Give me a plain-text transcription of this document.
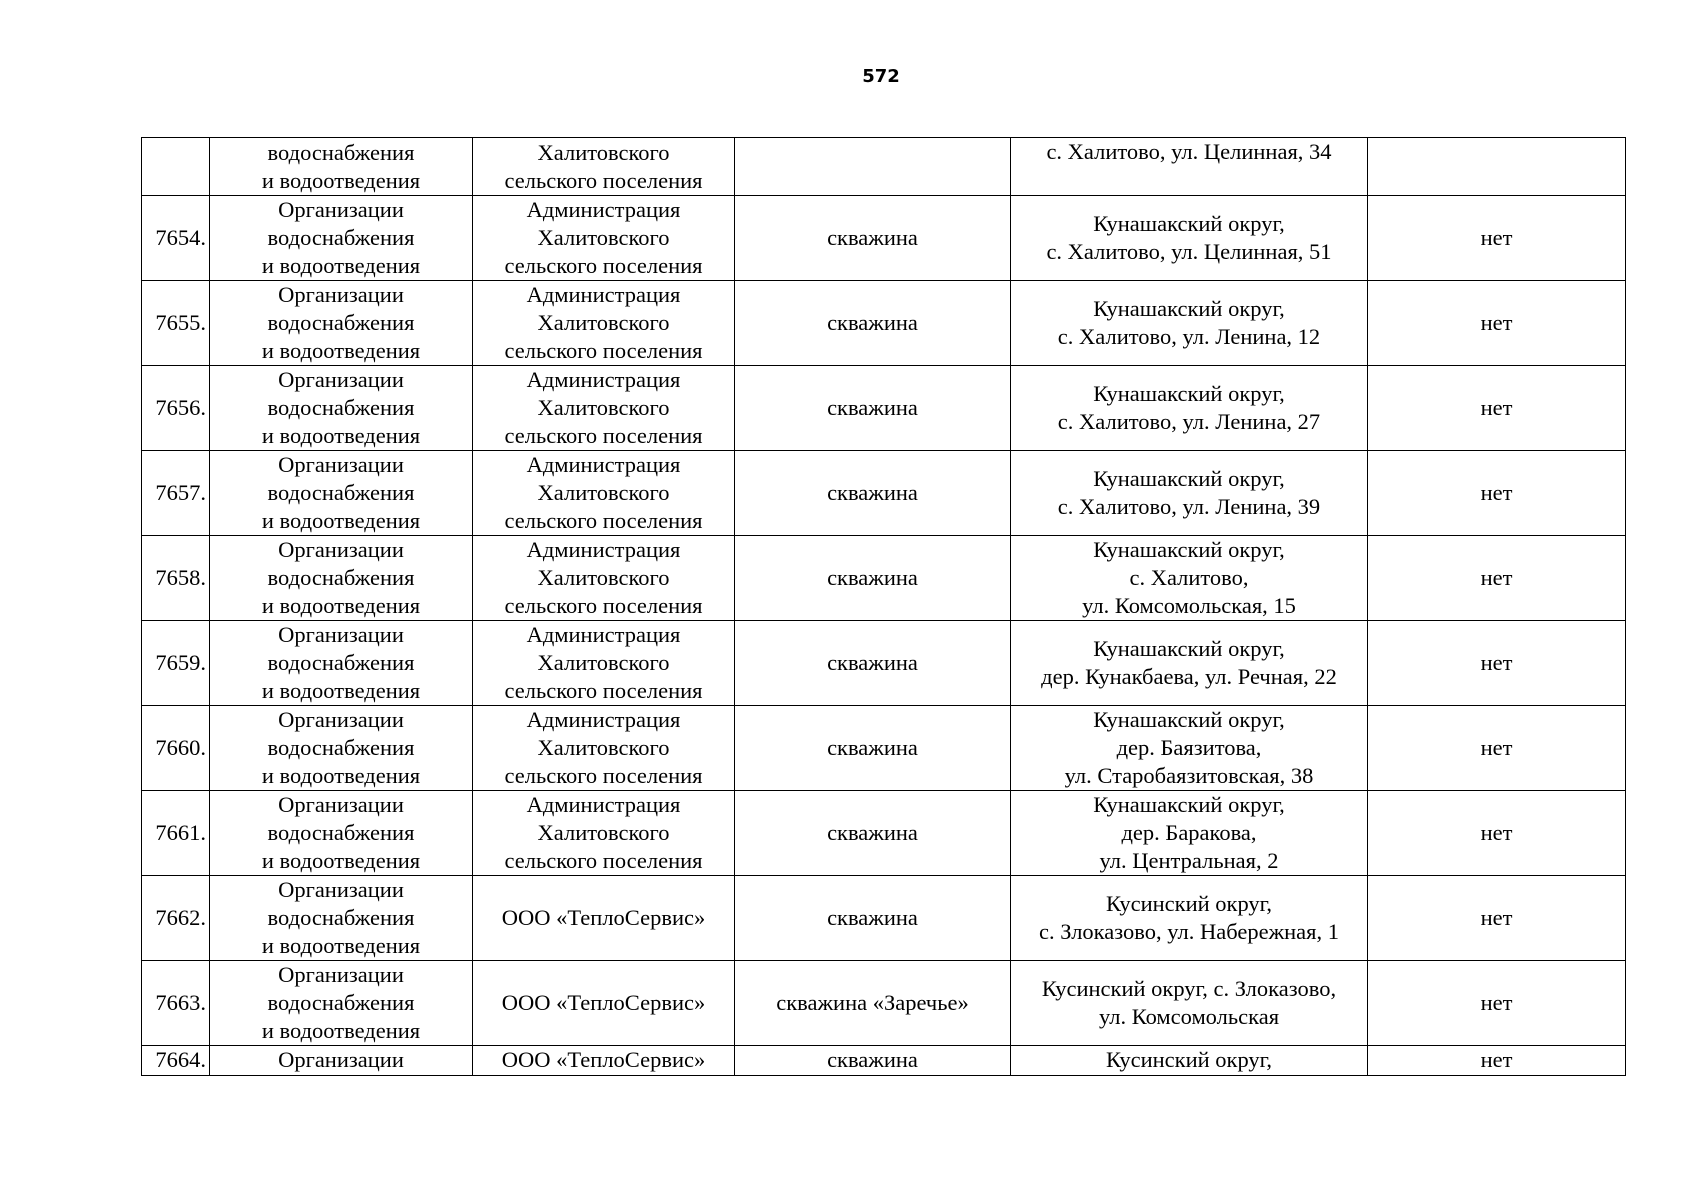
572
	водоснабжения
и водоотведения	Халитовского
сельского поселения		с. Халитово, ул. Целинная, 34	
7654.	Организации
водоснабжения
и водоотведения	Администрация
Халитовского
сельского поселения	скважина	Кунашакский округ,
с. Халитово, ул. Целинная, 51	нет
7655.	Организации
водоснабжения
и водоотведения	Администрация
Халитовского
сельского поселения	скважина	Кунашакский округ,
с. Халитово, ул. Ленина, 12	нет
7656.	Организации
водоснабжения
и водоотведения	Администрация
Халитовского
сельского поселения	скважина	Кунашакский округ,
с. Халитово, ул. Ленина, 27	нет
7657.	Организации
водоснабжения
и водоотведения	Администрация
Халитовского
сельского поселения	скважина	Кунашакский округ,
с. Халитово, ул. Ленина, 39	нет
7658.	Организации
водоснабжения
и водоотведения	Администрация
Халитовского
сельского поселения	скважина	Кунашакский округ,
с. Халитово,
ул. Комсомольская, 15	нет
7659.	Организации
водоснабжения
и водоотведения	Администрация
Халитовского
сельского поселения	скважина	Кунашакский округ,
дер. Кунакбаева, ул. Речная, 22	нет
7660.	Организации
водоснабжения
и водоотведения	Администрация
Халитовского
сельского поселения	скважина	Кунашакский округ,
дер. Баязитова,
ул. Старобаязитовская, 38	нет
7661.	Организации
водоснабжения
и водоотведения	Администрация
Халитовского
сельского поселения	скважина	Кунашакский округ,
дер. Баракова,
ул. Центральная, 2	нет
7662.	Организации
водоснабжения
и водоотведения	ООО «ТеплоСервис»	скважина	Кусинский округ,
с. Злоказово, ул. Набережная, 1	нет
7663.	Организации
водоснабжения
и водоотведения	ООО «ТеплоСервис»	скважина «Заречье»	Кусинский округ, с. Злоказово,
ул. Комсомольская	нет
7664.	Организации	ООО «ТеплоСервис»	скважина	Кусинский округ,	нет
